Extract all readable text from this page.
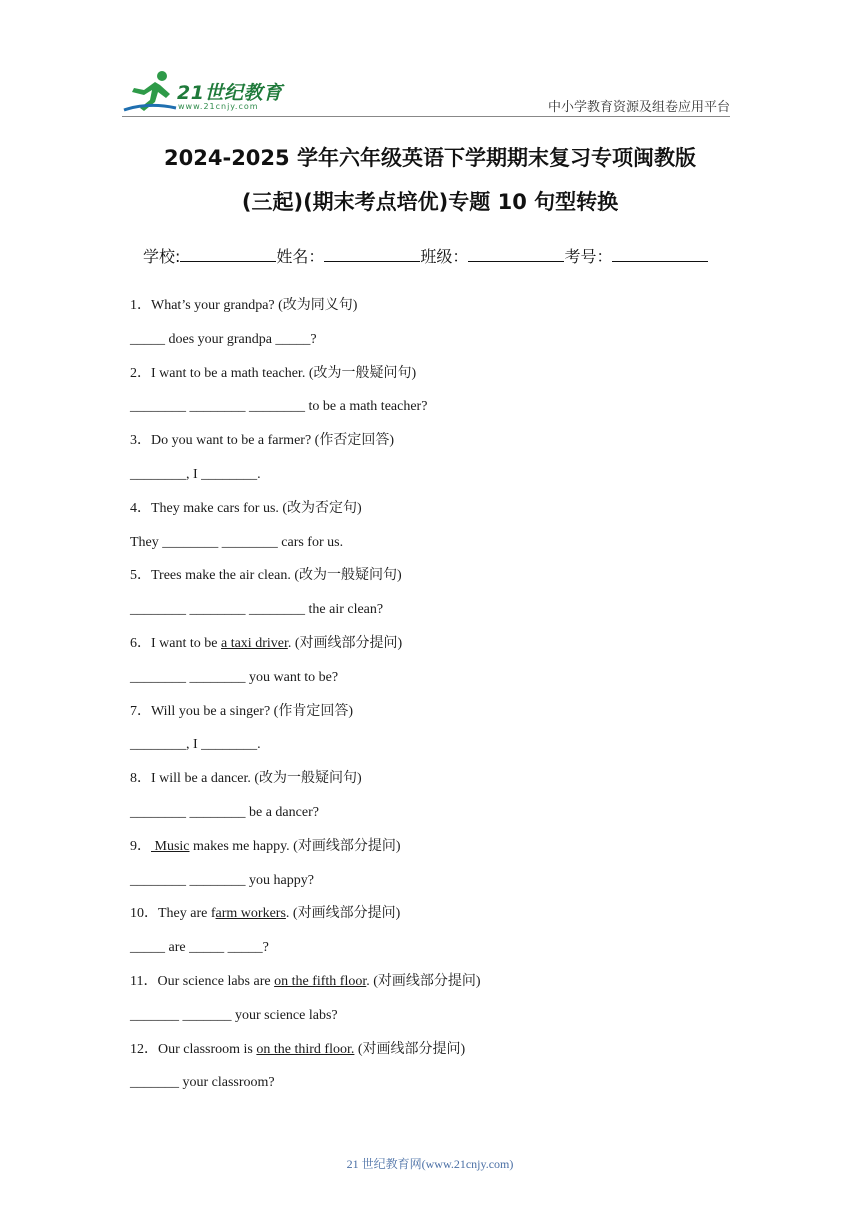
21世纪教育
www.21cnjy.com	中小学教育资源及组卷应用平台
2024-2025 学年六年级英语下学期期末复习专项闽教版
(三起)(期末考点培优)专题 10 句型转换
学校:	姓名：	班级：	考号：
1．What’s your grandpa? (改为同义句)
_____ does your grandpa _____?
2．I want to be a math teacher. (改为一般疑问句)
________ ________ ________ to be a math teacher?
3．Do you want to be a farmer? (作否定回答)
________, I ________.
4．They make cars for us. (改为否定句)
They ________ ________ cars for us.
5．Trees make the air clean. (改为一般疑问句)
________ ________ ________ the air clean?
6．I want to be a taxi driver. (对画线部分提问)
________ ________ you want to be?
7．Will you be a singer? (作肯定回答)
________, I ________.
8．I will be a dancer. (改为一般疑问句)
________ ________ be a dancer?
9． Music makes me happy. (对画线部分提问)
________ ________ you happy?
10．They are farm workers. (对画线部分提问)
_____ are _____ _____?
11．Our science labs are on the fifth floor. (对画线部分提问)
_______ _______ your science labs?
12．Our classroom is on the third floor. (对画线部分提问)
_______ your classroom?
21 世纪教育网(www.21cnjy.com)
